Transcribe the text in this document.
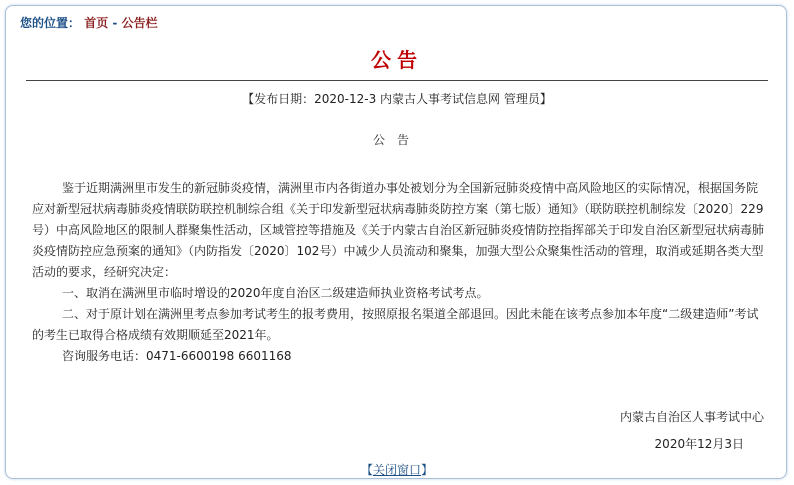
您的位置： 首页 - 公告栏
公告
【发布日期：2020-12-3 内蒙古人事考试信息网 管理员】
公告

鉴于近期满洲里市发生的新冠肺炎疫情，满洲里市内各街道办事处被划分为全国新冠肺炎疫情中高风险地区的实际情况，根据国务院应对新型冠状病毒肺炎疫情联防联控机制综合组《关于印发新型冠状病毒肺炎防控方案（第七版）通知》（联防联控机制综发〔2020〕229号）中高风险地区的限制人群聚集性活动，区域管控等措施及《关于内蒙古自治区新冠肺炎疫情防控指挥部关于印发自治区新型冠状病毒肺炎疫情防控应急预案的通知》（内防指发〔2020〕102号）中减少人员流动和聚集，加强大型公众聚集性活动的管理，取消或延期各类大型活动的要求，经研究决定：

一、取消在满洲里市临时增设的2020年度自治区二级建造师执业资格考试考点。

二、对于原计划在满洲里考点参加考试考生的报考费用，按照原报名渠道全部退回。因此未能在该考点参加本年度“二级建造师”考试的考生已取得合格成绩有效期顺延至2021年。

咨询服务电话：0471-6600198 6601168

内蒙古自治区人事考试中心
2020年12月3日
【关闭窗口】
